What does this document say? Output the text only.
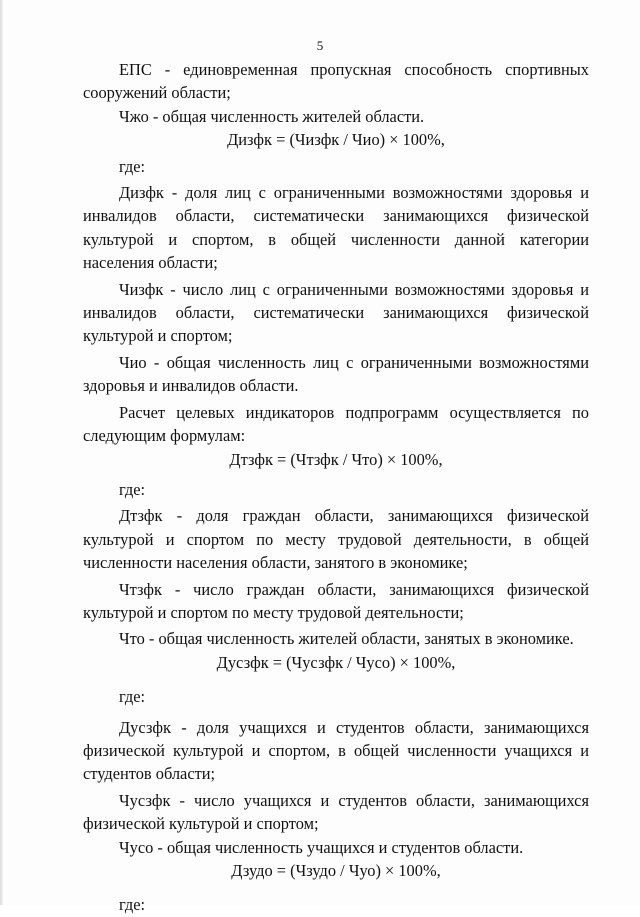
5

ЕПС - единовременная пропускная способность спортивных сооружений области;

Чжо - общая численность жителей области.

Дизфк = (Чизфк / Чио) × 100%,

где:

Дизфк - доля лиц с ограниченными возможностями здоровья и инвалидов области, систематически занимающихся физической культурой и спортом, в общей численности данной категории населения области;

Чизфк - число лиц с ограниченными возможностями здоровья и инвалидов области, систематически занимающихся физической культурой и спортом;

Чио - общая численность лиц с ограниченными возможностями здоровья и инвалидов области.

Расчет целевых индикаторов подпрограмм осуществляется по следующим формулам:

Дтзфк = (Чтзфк / Что) × 100%,

где:

Дтзфк - доля граждан области, занимающихся физической культурой и спортом по месту трудовой деятельности, в общей численности населения области, занятого в экономике;

Чтзфк - число граждан области, занимающихся физической культурой и спортом по месту трудовой деятельности;

Что - общая численность жителей области, занятых в экономике.

Дусзфк = (Чусзфк / Чусо) × 100%,

где:

Дусзфк - доля учащихся и студентов области, занимающихся физической культурой и спортом, в общей численности учащихся и студентов области;

Чусзфк - число учащихся и студентов области, занимающихся физической культурой и спортом;

Чусо - общая численность учащихся и студентов области.

Дзудо = (Чзудо / Чуо) × 100%,

где:
